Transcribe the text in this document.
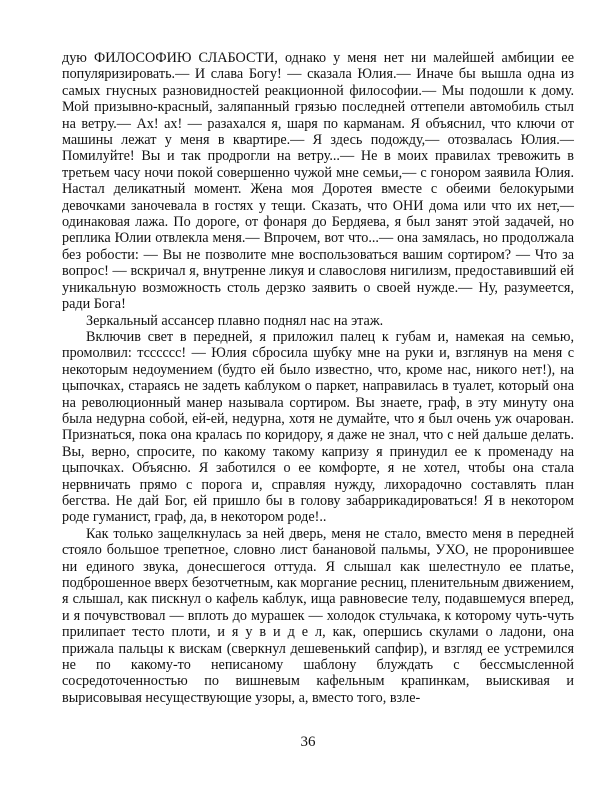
дую ФИЛОСОФИЮ СЛАБОСТИ, однако у меня нет ни малейшей амбиции ее популяризировать.— И слава Богу! — сказала Юлия.— Иначе бы вышла одна из самых гнусных разновидностей реакционной философии.— Мы подошли к дому. Мой призывно-красный, заляпанный грязью последней оттепели автомобиль стыл на ветру.— Ах! ах! — разахался я, шаря по карманам. Я объяснил, что ключи от машины лежат у меня в квартире.— Я здесь подожду,— отозвалась Юлия.— Помилуйте! Вы и так продрогли на ветру...— Не в моих правилах тревожить в третьем часу ночи покой совершенно чужой мне семьи,— с гонором заявила Юлия. Настал деликатный момент. Жена моя Доротея вместе с обеими белокурыми девочками заночевала в гостях у тещи. Сказать, что ОНИ дома или что их нет,— одинаковая лажа. По дороге, от фонаря до Бердяева, я был занят этой задачей, но реплика Юлии отвлекла меня.— Впрочем, вот что...— она замялась, но продолжала без робости: — Вы не позволите мне воспользоваться вашим сортиром? — Что за вопрос! — вскричал я, внутренне ликуя и славословя нигилизм, предоставивший ей уникальную возможность столь дерзко заявить о своей нужде.— Ну, разумеется, ради Бога!

Зеркальный ассансер плавно поднял нас на этаж.

Включив свет в передней, я приложил палец к губам и, намекая на семью, промолвил: тсссссс! — Юлия сбросила шубку мне на руки и, взглянув на меня с некоторым недоумением (будто ей было известно, что, кроме нас, никого нет!), на цыпочках, стараясь не задеть каблуком о паркет, направилась в туалет, который она на революционный манер называла сортиром. Вы знаете, граф, в эту минуту она была недурна собой, ей-ей, недурна, хотя не думайте, что я был очень уж очарован. Признаться, пока она кралась по коридору, я даже не знал, что с ней дальше делать. Вы, верно, спросите, по какому такому капризу я принудил ее к променаду на цыпочках. Объясню. Я заботился о ее комфорте, я не хотел, чтобы она стала нервничать прямо с порога и, справляя нужду, лихорадочно составлять план бегства. Не дай Бог, ей пришло бы в голову забаррикадироваться! Я в некотором роде гуманист, граф, да, в некотором роде!..

Как только защелкнулась за ней дверь, меня не стало, вместо меня в передней стояло большое трепетное, словно лист банановой пальмы, УХО, не проронившее ни единого звука, донесшегося оттуда. Я слышал как шелестнуло ее платье, подброшенное вверх безотчетным, как моргание ресниц, пленительным движением, я слышал, как пискнул о кафель каблук, ища равновесие телу, подавшемуся вперед, и я почувствовал — вплоть до мурашек — холодок стульчака, к которому чуть-чуть прилипает тесто плоти, и я у в и д е л, как, опершись скулами о ладони, она прижала пальцы к вискам (сверкнул дешевенький сапфир), и взгляд ее устремился не по какому-то неписаному шаблону блуждать с бессмысленной сосредоточенностью по вишневым кафельным крапинкам, выискивая и вырисовывая несуществующие узоры, а, вместо того, взле-

36
